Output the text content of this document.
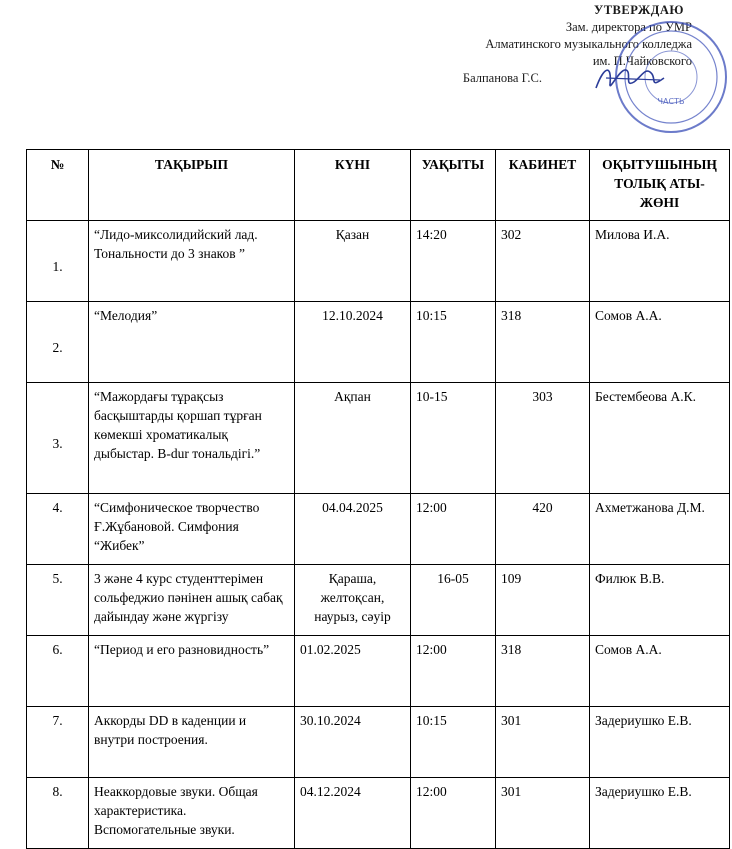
УТВЕРЖДАЮ
Зам. директора по УМР
Алматинского музыкального колледжа
им. П.Чайковского
Балпанова Г.С.
ЧАСТЬ
№	ТАҚЫРЫП	КҮНІ	УАҚЫТЫ	КАБИНЕТ	ОҚЫТУШЫНЫҢ ТОЛЫҚ АТЫ-ЖӨНІ
1.	“Лидо-миксолидийский лад. Тональности до 3 знаков ”	Қазан	14:20	302	Милова И.А.
2.	“Мелодия”	12.10.2024	10:15	318	Сомов А.А.
3.	“Мажордағы тұрақсыз басқыштарды қоршап тұрған көмекші хроматикалық дыбыстар. B-dur тональдігі.”	Ақпан	10-15	303	Бестембеова А.К.
4.	“Симфоническое творчество Ғ.Жұбановой. Симфония “Жибек”	04.04.2025	12:00	420	Ахметжанова Д.М.
5.	3 және 4 курс студенттерімен сольфеджио пәнінен ашық сабақ дайындау және жүргізу	Қараша, желтоқсан, наурыз, сәуір	16-05	109	Филюк В.В.
6.	“Период и его разновидность”	01.02.2025	12:00	318	Сомов А.А.
7.	Аккорды DD в каденции и внутри построения.	30.10.2024	10:15	301	Задериушко Е.В.
8.	Неаккордовые звуки. Общая характеристика. Вспомогательные звуки.	04.12.2024	12:00	301	Задериушко Е.В.
